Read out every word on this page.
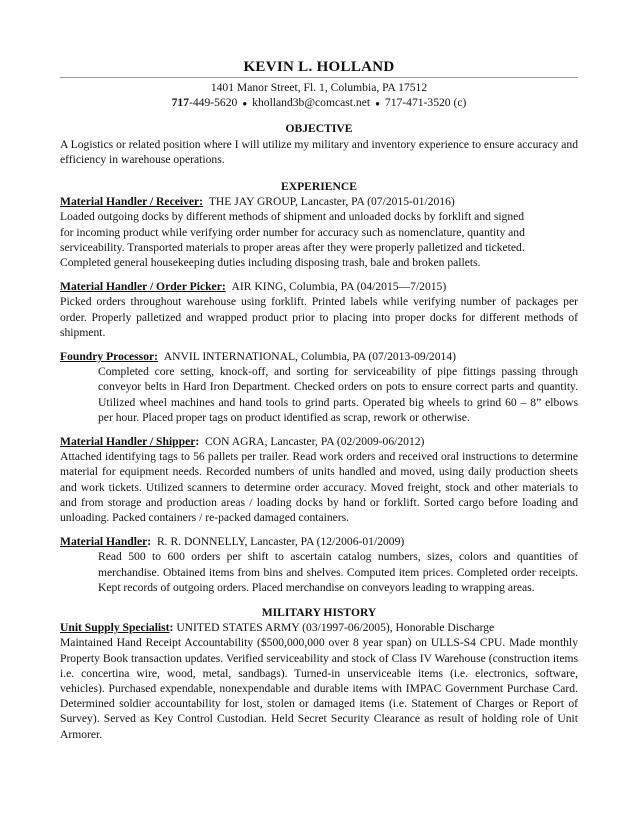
KEVIN L. HOLLAND
1401 Manor Street, Fl. 1, Columbia, PA 17512
717-449-5620 ● kholland3b@comcast.net ● 717-471-3520 (c)
OBJECTIVE
A Logistics or related position where I will utilize my military and inventory experience to ensure accuracy and efficiency in warehouse operations.
EXPERIENCE
Material Handler / Receiver: THE JAY GROUP, Lancaster, PA (07/2015-01/2016)
Loaded outgoing docks by different methods of shipment and unloaded docks by forklift and signed
for incoming product while verifying order number for accuracy such as nomenclature, quantity and
serviceability. Transported materials to proper areas after they were properly palletized and ticketed.
Completed general housekeeping duties including disposing trash, bale and broken pallets.
Material Handler / Order Picker: AIR KING, Columbia, PA (04/2015—7/2015)
Picked orders throughout warehouse using forklift. Printed labels while verifying number of packages per order. Properly palletized and wrapped product prior to placing into proper docks for different methods of shipment.
Foundry Processor: ANVIL INTERNATIONAL, Columbia, PA (07/2013-09/2014)
Completed core setting, knock-off, and sorting for serviceability of pipe fittings passing through conveyor belts in Hard Iron Department. Checked orders on pots to ensure correct parts and quantity. Utilized wheel machines and hand tools to grind parts. Operated big wheels to grind 60 – 8” elbows per hour. Placed proper tags on product identified as scrap, rework or otherwise.
Material Handler / Shipper: CON AGRA, Lancaster, PA (02/2009-06/2012)
Attached identifying tags to 56 pallets per trailer. Read work orders and received oral instructions to determine material for equipment needs. Recorded numbers of units handled and moved, using daily production sheets and work tickets. Utilized scanners to determine order accuracy. Moved freight, stock and other materials to and from storage and production areas / loading docks by hand or forklift. Sorted cargo before loading and unloading. Packed containers / re-packed damaged containers.
Material Handler: R. R. DONNELLY, Lancaster, PA (12/2006-01/2009)
Read 500 to 600 orders per shift to ascertain catalog numbers, sizes, colors and quantities of merchandise. Obtained items from bins and shelves. Computed item prices. Completed order receipts. Kept records of outgoing orders. Placed merchandise on conveyors leading to wrapping areas.
MILITARY HISTORY
Unit Supply Specialist: UNITED STATES ARMY (03/1997-06/2005), Honorable Discharge
Maintained Hand Receipt Accountability ($500,000,000 over 8 year span) on ULLS-S4 CPU. Made monthly Property Book transaction updates. Verified serviceability and stock of Class IV Warehouse (construction items i.e. concertina wire, wood, metal, sandbags). Turned-in unserviceable items (i.e. electronics, software, vehicles). Purchased expendable, nonexpendable and durable items with IMPAC Government Purchase Card. Determined soldier accountability for lost, stolen or damaged items (i.e. Statement of Charges or Report of Survey). Served as Key Control Custodian. Held Secret Security Clearance as result of holding role of Unit Armorer.
